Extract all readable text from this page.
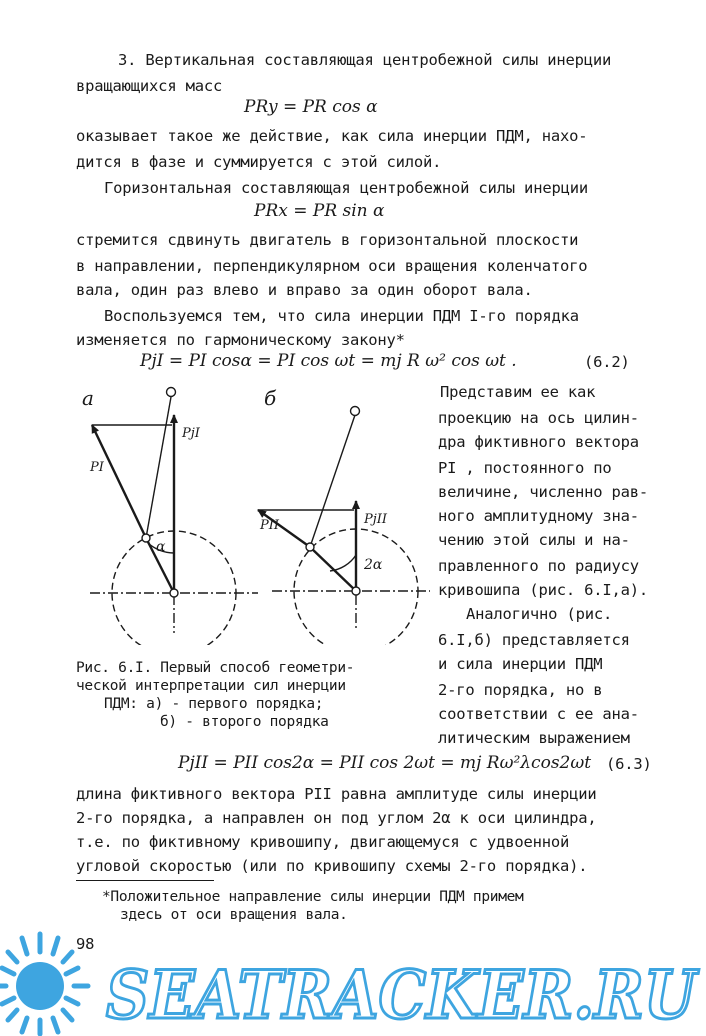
3. Вертикальная составляющая центробежной силы инерции
вращающихся масс
PRy = PR cos α
оказывает такое же действие, как сила инерции ПДМ, нахо-
дится в фазе и суммируется с этой силой.
Горизонтальная составляющая центробежной силы инерции
PRx = PR sin α
стремится сдвинуть двигатель в горизонтальной плоскости
в направлении, перпендикулярном оси вращения коленчатого
вала, один раз влево и вправо за один оборот вала.
Воспользуемся тем, что сила инерции ПДМ I-го порядка
изменяется по гармоническому закону*
PjI = PI cosα = PI cos ωt = mj R ω² cos ωt .	(6.2)
а
PI
PjI
α
б
PII	PjII
2α
Представим ее как
проекцию на ось цилин-
дра фиктивного вектора
PI , постоянного по
величине, численно рав-
ного амплитудному зна-
чению этой силы и на-
правленного по радиусу
кривошипа (рис. 6.I,а).
Аналогично (рис.
6.I,б) представляется
и сила инерции ПДМ
2-го порядка, но в
соответствии с ее ана-
литическим выражением
Рис. 6.I. Первый способ геометри-
ческой интерпретации сил инерции
ПДМ: а) - первого порядка;
б) - второго порядка
PjII = PII cos2α = PII cos 2ωt = mj Rω²λcos2ωt (6.3)
длина фиктивного вектора PII равна амплитуде силы инерции
2-го порядка, а направлен он под углом 2α к оси цилиндра,
т.е. по фиктивному кривошипу, двигающемуся с удвоенной
угловой скоростью (или по кривошипу схемы 2-го порядка).
*Положительное направление силы инерции ПДМ примем
здесь от оси вращения вала.
98
SEATRACKER.RU
